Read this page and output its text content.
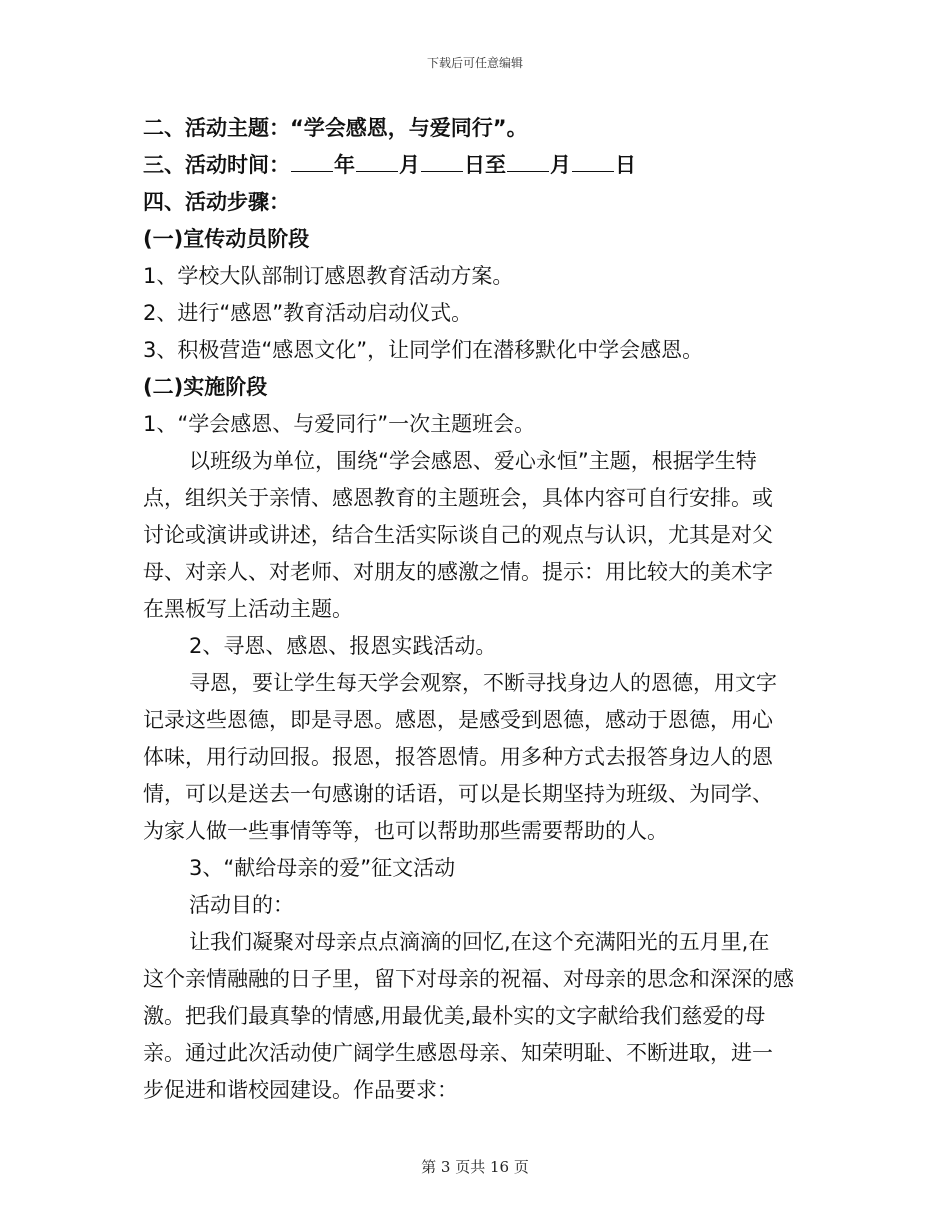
下载后可任意编辑
二、活动主题：“学会感恩，与爱同行”。
三、活动时间： 年 月 日至 月 日
四、活动步骤：
(一)宣传动员阶段
1、学校大队部制订感恩教育活动方案。
2、进行“感恩”教育活动启动仪式。
3、积极营造“感恩文化”，让同学们在潜移默化中学会感恩。
(二)实施阶段
1、“学会感恩、与爱同行”一次主题班会。
以班级为单位，围绕“学会感恩、爱心永恒”主题，根据学生特
点，组织关于亲情、感恩教育的主题班会，具体内容可自行安排。或
讨论或演讲或讲述，结合生活实际谈自己的观点与认识，尤其是对父
母、对亲人、对老师、对朋友的感激之情。提示：用比较大的美术字
在黑板写上活动主题。
2、寻恩、感恩、报恩实践活动。
寻恩，要让学生每天学会观察，不断寻找身边人的恩德，用文字
记录这些恩德，即是寻恩。感恩，是感受到恩德，感动于恩德，用心
体味，用行动回报。报恩，报答恩情。用多种方式去报答身边人的恩
情，可以是送去一句感谢的话语，可以是长期坚持为班级、为同学、
为家人做一些事情等等，也可以帮助那些需要帮助的人。
3、“献给母亲的爱”征文活动
活动目的：
让我们凝聚对母亲点点滴滴的回忆,在这个充满阳光的五月里,在
这个亲情融融的日子里，留下对母亲的祝福、对母亲的思念和深深的感
激。把我们最真挚的情感,用最优美,最朴实的文字献给我们慈爱的母
亲。通过此次活动使广阔学生感恩母亲、知荣明耻、不断进取，进一
步促进和谐校园建设。作品要求：
第 3 页共 16 页
